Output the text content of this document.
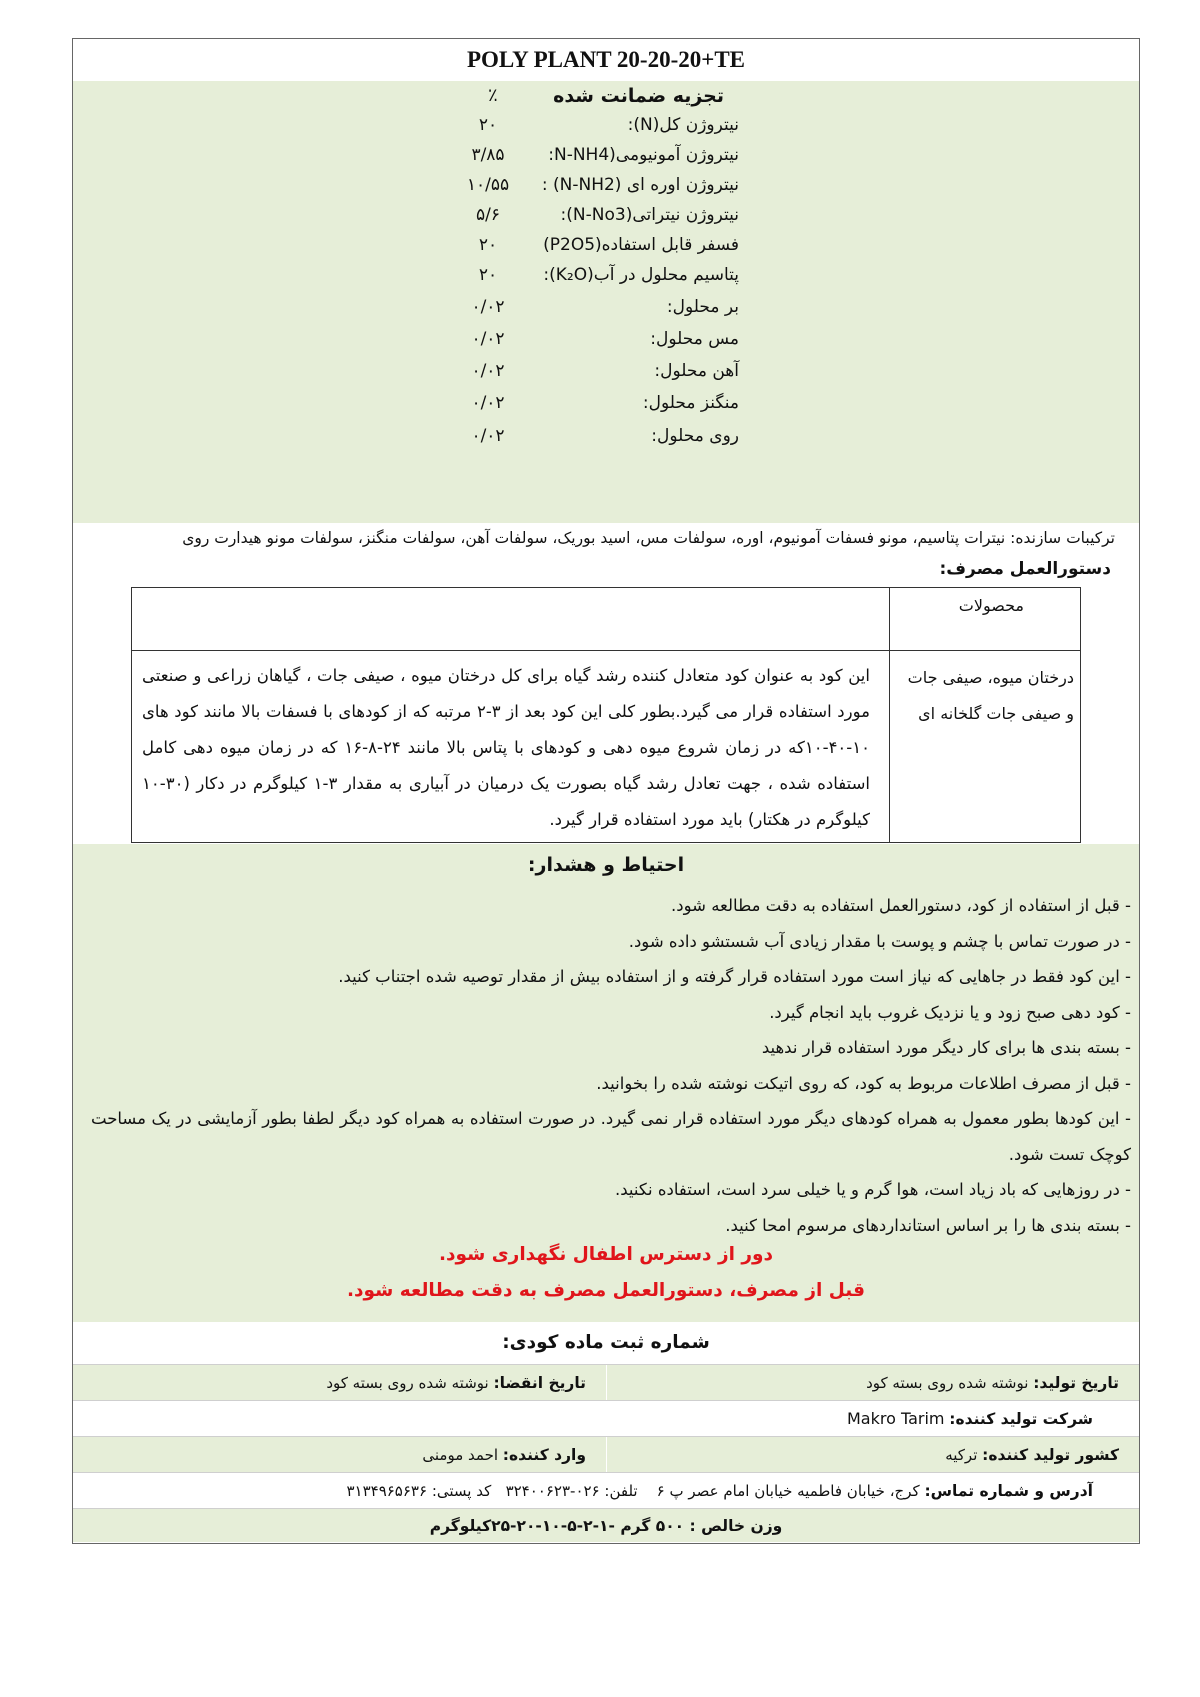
POLY PLANT 20-20-20+TE
تجزیه ضمانت شده
٪
نیتروژن کل(N):
۲۰
نیتروژن آمونیومی(N-NH4:
۳/۸۵
نیتروژن اوره ای (N-NH2) :
۱۰/۵۵
نیتروژن نیتراتی(N-No3):
۵/۶
فسفر قابل استفاده(P2O5)
۲۰
پتاسیم محلول در آب(K₂O):
۲۰
بر محلول:
۰/۰۲
مس محلول:
۰/۰۲
آهن محلول:
۰/۰۲
منگنز محلول:
۰/۰۲
روی محلول:
۰/۰۲
ترکیبات سازنده: نیترات پتاسیم، مونو فسفات آمونیوم، اوره، سولفات مس، اسید بوریک، سولفات آهن، سولفات منگنز، سولفات مونو هیدارت روی
دستورالعمل مصرف:
محصولات
درختان میوه، صیفی جات و صیفی جات گلخانه ای
این کود به عنوان کود متعادل کننده رشد گیاه برای کل درختان میوه ، صیفی جات ، گیاهان زراعی و صنعتی مورد استفاده قرار می گیرد.بطور کلی این کود بعد از ۳-۲ مرتبه که از کودهای با فسفات بالا مانند کود های ۱۰-۴۰-۱۰که در زمان شروع میوه دهی و کودهای با پتاس بالا مانند ۲۴-۸-۱۶ که در زمان میوه دهی کامل استفاده شده ، جهت تعادل رشد گیاه بصورت یک درمیان در آبیاری به مقدار ۳-۱ کیلوگرم در دکار (۳۰-۱۰ کیلوگرم در هکتار) باید مورد استفاده قرار گیرد.
احتیاط و هشدار:
- قبل از استفاده از کود، دستورالعمل استفاده به دقت مطالعه شود.
- در صورت تماس با چشم و پوست با مقدار زیادی آب شستشو داده شود.
- این کود فقط در جاهایی که نیاز است مورد استفاده قرار گرفته و از استفاده بیش از مقدار توصیه شده اجتناب کنید.
- کود دهی صبح زود و یا نزدیک غروب باید انجام گیرد.
- بسته بندی ها برای کار دیگر مورد استفاده قرار ندهید
- قبل از مصرف اطلاعات مربوط به کود، که روی اتیکت نوشته شده را بخوانید.
- این کودها بطور معمول به همراه کودهای دیگر مورد استفاده قرار نمی گیرد. در صورت استفاده به همراه کود دیگر لطفا بطور آزمایشی در یک مساحت کوچک تست شود.
- در روزهایی که باد زیاد است، هوا گرم و یا خیلی سرد است، استفاده نکنید.
- بسته بندی ها را بر اساس استانداردهای مرسوم امحا کنید.
دور از دسترس اطفال نگهداری شود.
قبل از مصرف، دستورالعمل مصرف به دقت مطالعه شود.
شماره ثبت ماده کودی:
تاریخ تولید: نوشته شده روی بسته کود
تاریخ انقضا: نوشته شده روی بسته کود
شرکت تولید کننده: Makro Tarim
کشور تولید کننده: ترکیه
وارد کننده: احمد مومنی
آدرس و شماره تماس: کرج، خیابان فاطمیه خیابان امام عصر پ ۶    تلفن: ۰۲۶-۳۲۴۰۰۶۲۳   کد پستی: ۳۱۳۴۹۶۵۶۳۶
وزن خالص : ۵۰۰ گرم -۱-۲-۵-۱۰-۲۰-۲۵کیلوگرم
